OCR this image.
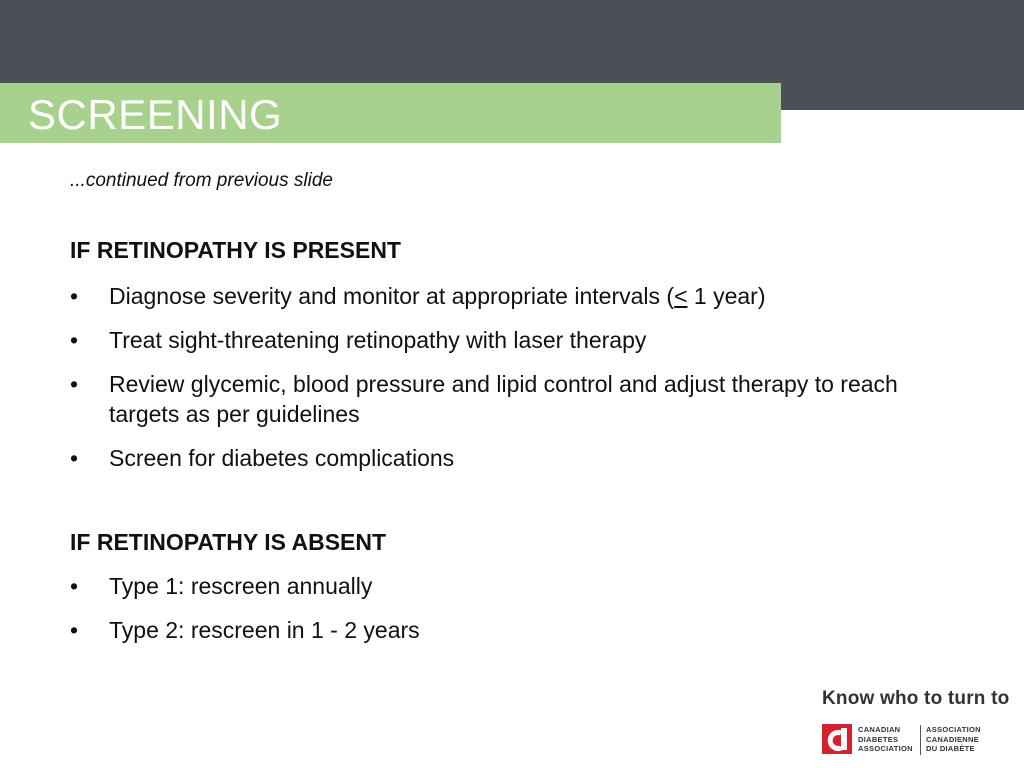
SCREENING
...continued from previous slide
IF RETINOPATHY IS PRESENT
• Diagnose severity and monitor at appropriate intervals (≤ 1 year)
• Treat sight-threatening retinopathy with laser therapy
• Review glycemic, blood pressure and lipid control and adjust therapy to reach targets as per guidelines
• Screen for diabetes complications
IF RETINOPATHY IS ABSENT
• Type 1: rescreen annually
• Type 2: rescreen in 1 - 2 years
Know who to turn to
CANADIAN
DIABETES
ASSOCIATION
ASSOCIATION
CANADIENNE
DU DIABÈTE
